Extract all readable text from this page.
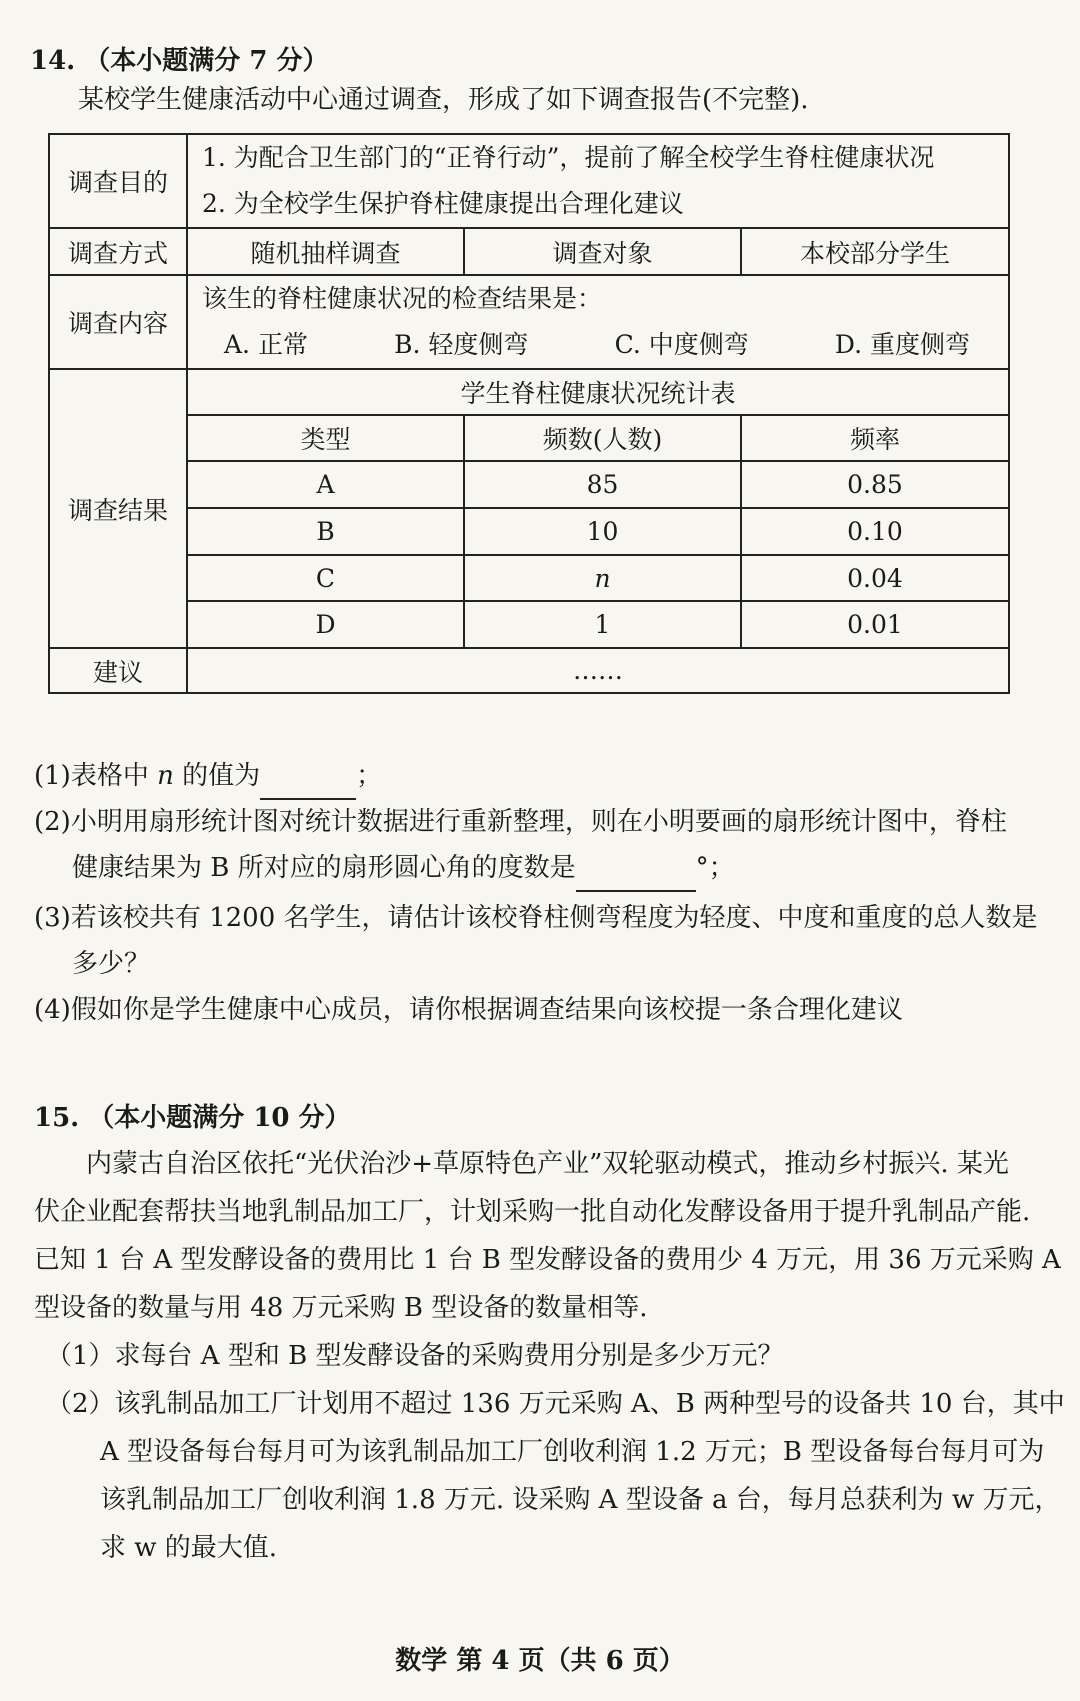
14. （本小题满分 7 分）
某校学生健康活动中心通过调查，形成了如下调查报告(不完整).
调查目的	1. 为配合卫生部门的“正脊行动”，提前了解全校学生脊柱健康状况
2. 为全校学生保护脊柱健康提出合理化建议		

调查方式	随机抽样调查	调查对象	本校部分学生
调查内容	该生的脊柱健康状况的检查结果是：
A. 正常 B. 轻度侧弯 C. 中度侧弯 D. 重度侧弯		

调查结果	学生脊柱健康状况统计表		
	类型	频数(人数)	频率
	A	85	0.85
	B	10	0.10
	C	n	0.04
	D	1	0.01
建议	……		
(1)表格中 n 的值为	；
(2)小明用扇形统计图对统计数据进行重新整理，则在小明要画的扇形统计图中，脊柱
健康结果为 B 所对应的扇形圆心角的度数是	°；
(3)若该校共有 1200 名学生，请估计该校脊柱侧弯程度为轻度、中度和重度的总人数是
多少？
(4)假如你是学生健康中心成员，请你根据调查结果向该校提一条合理化建议
15. （本小题满分 10 分）
内蒙古自治区依托“光伏治沙+草原特色产业”双轮驱动模式，推动乡村振兴. 某光
伏企业配套帮扶当地乳制品加工厂，计划采购一批自动化发酵设备用于提升乳制品产能.
已知 1 台 A 型发酵设备的费用比 1 台 B 型发酵设备的费用少 4 万元，用 36 万元采购 A
型设备的数量与用 48 万元采购 B 型设备的数量相等.
（1）求每台 A 型和 B 型发酵设备的采购费用分别是多少万元？
（2）该乳制品加工厂计划用不超过 136 万元采购 A、B 两种型号的设备共 10 台，其中
A 型设备每台每月可为该乳制品加工厂创收利润 1.2 万元；B 型设备每台每月可为
该乳制品加工厂创收利润 1.8 万元. 设采购 A 型设备 a 台，每月总获利为 w 万元，
求 w 的最大值.
数学 第 4 页（共 6 页）
